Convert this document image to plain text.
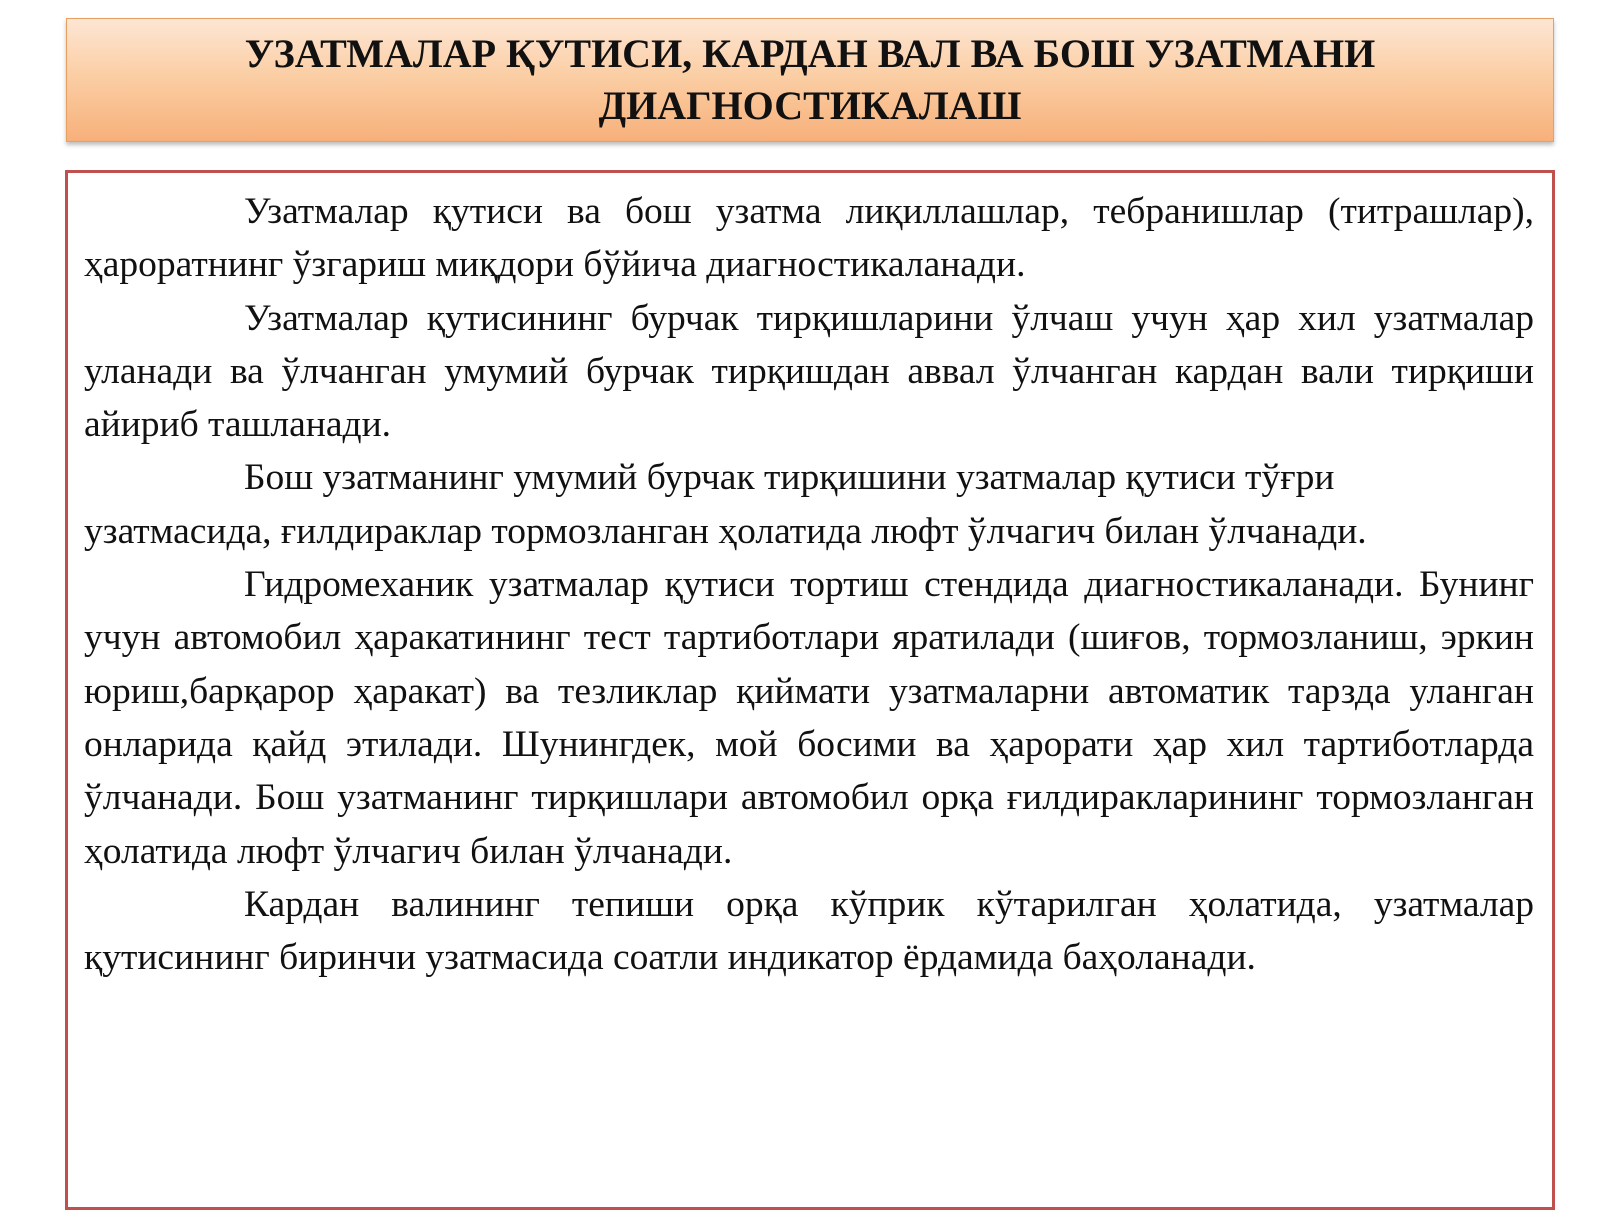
УЗАТМАЛАР ҚУТИСИ, КАРДАН ВАЛ ВА БОШ УЗАТМАНИ ДИАГНОСТИКАЛАШ

Узатмалар қутиси ва бош узатма лиқиллашлар, тебранишлар (титрашлар), ҳароратнинг ўзгариш миқдори бўйича диагностикаланади.

Узатмалар қутисининг бурчак тирқишларини ўлчаш учун ҳар хил узатмалар уланади ва ўлчанган умумий бурчак тирқишдан аввал ўлчанган кардан вали тирқиши айириб ташланади.

Бош узатманинг умумий бурчак тирқишини узатмалар қутиси тўғри

узатмасида, ғилдираклар тормозланган ҳолатида люфт ўлчагич билан ўлчанади.

Гидромеханик узатмалар қутиси тортиш стендида диагностикаланади. Бунинг учун автомобил ҳаракатининг тест тартиботлари яратилади (шиғов, тормозланиш, эркин юриш,барқарор ҳаракат) ва тезликлар қиймати узатмаларни автоматик тарзда уланган онларида қайд этилади. Шунингдек, мой босими ва ҳарорати ҳар хил тартиботларда ўлчанади. Бош узатманинг тирқишлари автомобил орқа ғилдиракларининг тормозланган ҳолатида люфт ўлчагич билан ўлчанади.

Кардан валининг тепиши орқа кўприк кўтарилган ҳолатида, узатмалар қутисининг биринчи узатмасида соатли индикатор ёрдамида баҳоланади.
